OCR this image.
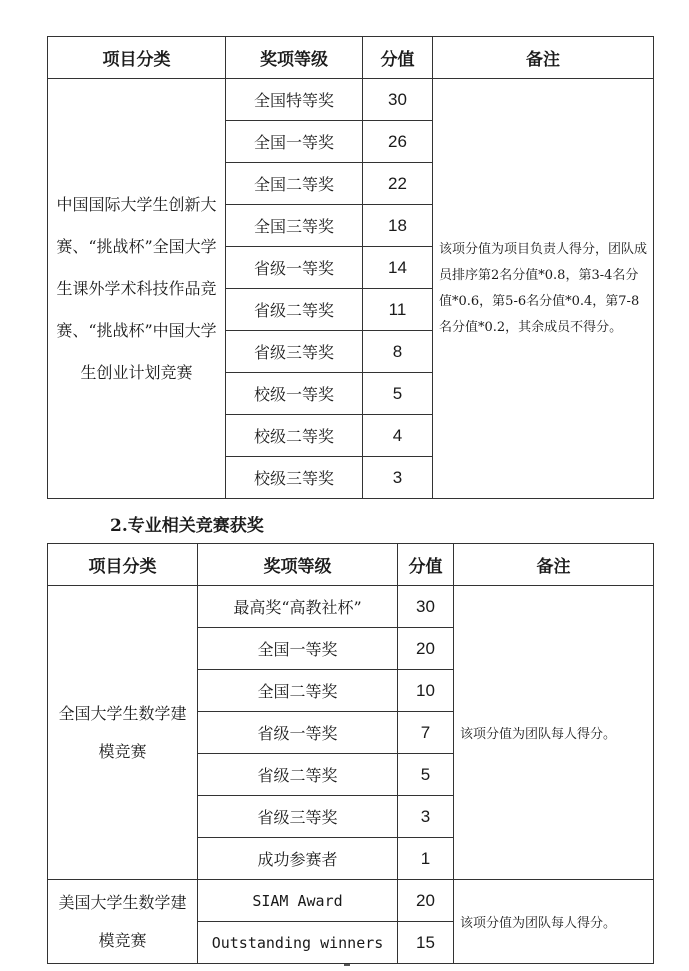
项目分类	奖项等级	分值	备注
中国国际大学生创新大赛、“挑战杯”全国大学生课外学术科技作品竞赛、“挑战杯”中国大学生创业计划竞赛	全国特等奖	30	该项分值为项目负责人得分，团队成员排序第2名分值*0.8，第3-4名分值*0.6，第5-6名分值*0.4，第7-8名分值*0.2，其余成员不得分。
	全国一等奖	26	
	全国二等奖	22	
	全国三等奖	18	
	省级一等奖	14	
	省级二等奖	11	
	省级三等奖	8	
	校级一等奖	5	
	校级二等奖	4	
	校级三等奖	3	
2.专业相关竞赛获奖
项目分类	奖项等级	分值	备注
全国大学生数学建模竞赛	最高奖“高教社杯”	30	该项分值为团队每人得分。
	全国一等奖	20	
	全国二等奖	10	
	省级一等奖	7	
	省级二等奖	5	
	省级三等奖	3	
	成功参赛者	1	
美国大学生数学建模竞赛	SIAM Award	20	该项分值为团队每人得分。
	Outstanding winners	15	
